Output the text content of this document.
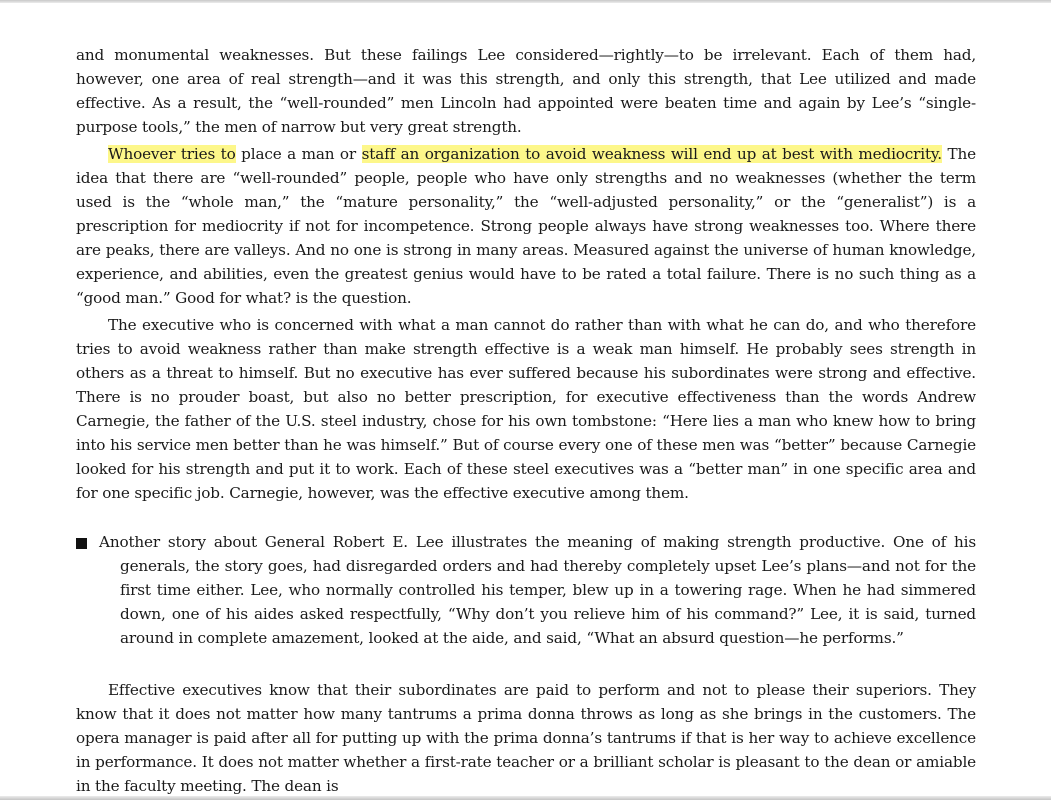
and monumental weaknesses. But these failings Lee considered—rightly—to be irrelevant. Each of them had, however, one area of real strength—and it was this strength, and only this strength, that Lee utilized and made effective. As a result, the “well-rounded” men Lincoln had appointed were beaten time and again by Lee’s “single-purpose tools,” the men of narrow but very great strength.

Whoever tries to place a man or staff an organization to avoid weakness will end up at best with mediocrity. The idea that there are “well-rounded” people, people who have only strengths and no weaknesses (whether the term used is the “whole man,” the “mature personality,” the “well-adjusted personality,” or the “generalist”) is a prescription for mediocrity if not for incompetence. Strong people always have strong weaknesses too. Where there are peaks, there are valleys. And no one is strong in many areas. Measured against the universe of human knowledge, experience, and abilities, even the greatest genius would have to be rated a total failure. There is no such thing as a “good man.” Good for what? is the question.

The executive who is concerned with what a man cannot do rather than with what he can do, and who therefore tries to avoid weakness rather than make strength effective is a weak man himself. He probably sees strength in others as a threat to himself. But no executive has ever suffered because his subordinates were strong and effective. There is no prouder boast, but also no better prescription, for executive effectiveness than the words Andrew Carnegie, the father of the U.S. steel industry, chose for his own tombstone: “Here lies a man who knew how to bring into his service men better than he was himself.” But of course every one of these men was “better” because Carnegie looked for his strength and put it to work. Each of these steel executives was a “better man” in one specific area and for one specific job. Carnegie, however, was the effective executive among them.

Another story about General Robert E. Lee illustrates the meaning of making strength productive. One of his generals, the story goes, had disregarded orders and had thereby completely upset Lee’s plans—and not for the first time either. Lee, who normally controlled his temper, blew up in a towering rage. When he had simmered down, one of his aides asked respectfully, “Why don’t you relieve him of his command?” Lee, it is said, turned around in complete amazement, looked at the aide, and said, “What an absurd question—he performs.”

Effective executives know that their subordinates are paid to perform and not to please their superiors. They know that it does not matter how many tantrums a prima donna throws as long as she brings in the customers. The opera manager is paid after all for putting up with the prima donna’s tantrums if that is her way to achieve excellence in performance. It does not matter whether a first-rate teacher or a brilliant scholar is pleasant to the dean or amiable in the faculty meeting. The dean is
